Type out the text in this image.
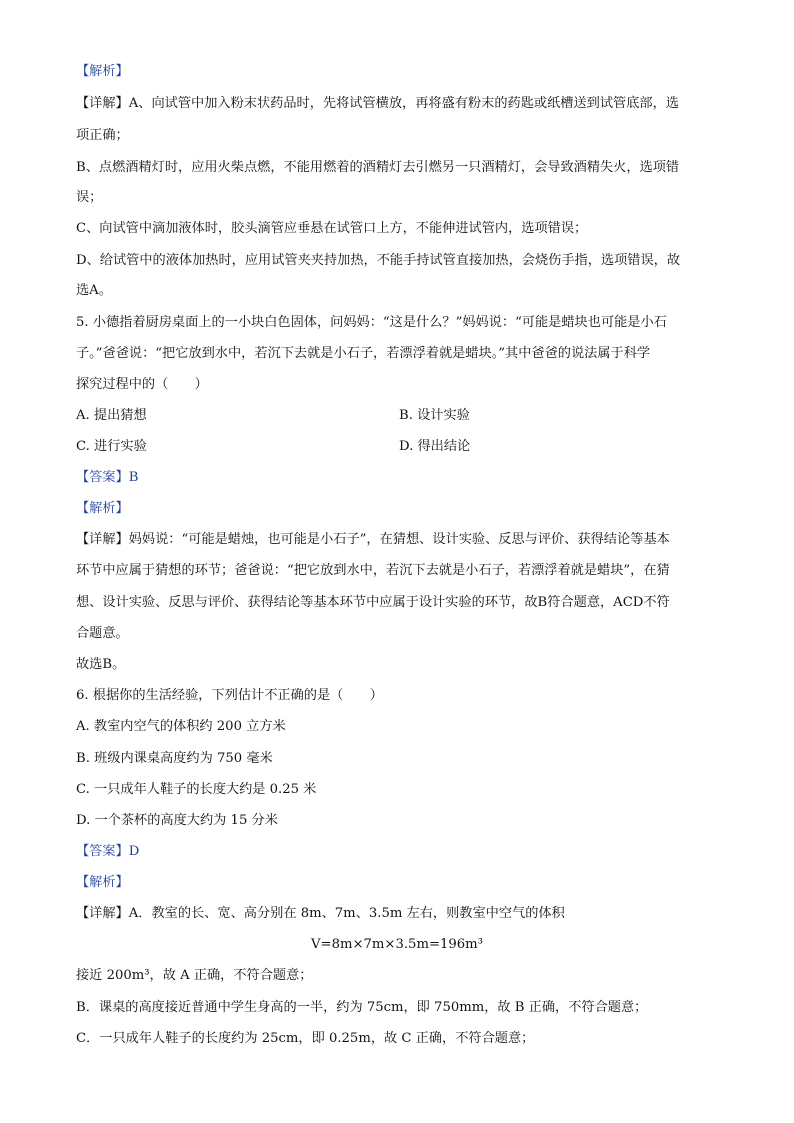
【解析】
【详解】A、向试管中加入粉末状药品时，先将试管横放，再将盛有粉末的药匙或纸槽送到试管底部，选
项正确；
B、点燃酒精灯时，应用火柴点燃，不能用燃着的酒精灯去引燃另一只酒精灯，会导致酒精失火，选项错
误；
C、向试管中滴加液体时，胶头滴管应垂悬在试管口上方，不能伸进试管内，选项错误；
D、给试管中的液体加热时，应用试管夹夹持加热，不能手持试管直接加热，会烧伤手指，选项错误，故
选A。
5. 小德指着厨房桌面上的一小块白色固体，问妈妈：“这是什么？”妈妈说：“可能是蜡块也可能是小石
子。”爸爸说：“把它放到水中，若沉下去就是小石子，若漂浮着就是蜡块。”其中爸爸的说法属于科学
探究过程中的（　　）
A. 提出猜想	B. 设计实验
C. 进行实验	D. 得出结论
【答案】B
【解析】
【详解】妈妈说：“可能是蜡烛，也可能是小石子”，在猜想、设计实验、反思与评价、获得结论等基本
环节中应属于猜想的环节；爸爸说：“把它放到水中，若沉下去就是小石子，若漂浮着就是蜡块”，在猜
想、设计实验、反思与评价、获得结论等基本环节中应属于设计实验的环节，故B符合题意，ACD不符
合题意。
故选B。
6. 根据你的生活经验，下列估计不正确的是（　　）
A. 教室内空气的体积约 200 立方米
B. 班级内课桌高度约为 750 毫米
C. 一只成年人鞋子的长度大约是 0.25 米
D. 一个茶杯的高度大约为 15 分米
【答案】D
【解析】
【详解】A．教室的长、宽、高分别在 8m、7m、3.5m 左右，则教室中空气的体积
V=8m×7m×3.5m=196m³
接近 200m³，故 A 正确，不符合题意；
B．课桌的高度接近普通中学生身高的一半，约为 75cm，即 750mm，故 B 正确，不符合题意；
C．一只成年人鞋子的长度约为 25cm，即 0.25m，故 C 正确，不符合题意；
